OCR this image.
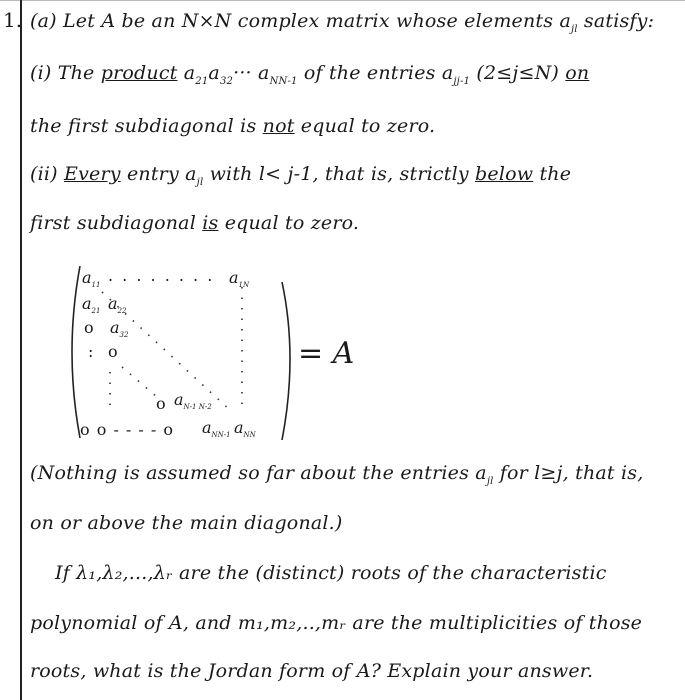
1. (a) Let A be an N×N complex matrix whose elements $a_{jl}$ satisfy:
(i) The product $a_{21}a_{32}\cdot\cdot\cdot a_{NN-1}$ of the entries $a_{jj-1}$ (2≤j≤N) on
the first subdiagonal is not equal to zero.
(ii) Every entry $a_{jl}$ with l< j-1, that is, strictly below the
first subdiagonal is equal to zero.
$a_{11}$
. . . . . . . . $a_{1N}$
$a_{21}$ $a_{22}$
o $a_{32}$
: o
o $a_{N-1 N-2}$
o o - - - - o $a_{NN-1}$ $a_{NN}$
= A
(Nothing is assumed so far about the entries $a_{jl}$ for l≥j, that is,
on or above the main diagonal.)
If λ₁,λ₂,...,λᵣ are the (distinct) roots of the characteristic
polynomial of A, and m₁,m₂,..,mᵣ are the multiplicities of those
roots, what is the Jordan form of A? Explain your answer.
